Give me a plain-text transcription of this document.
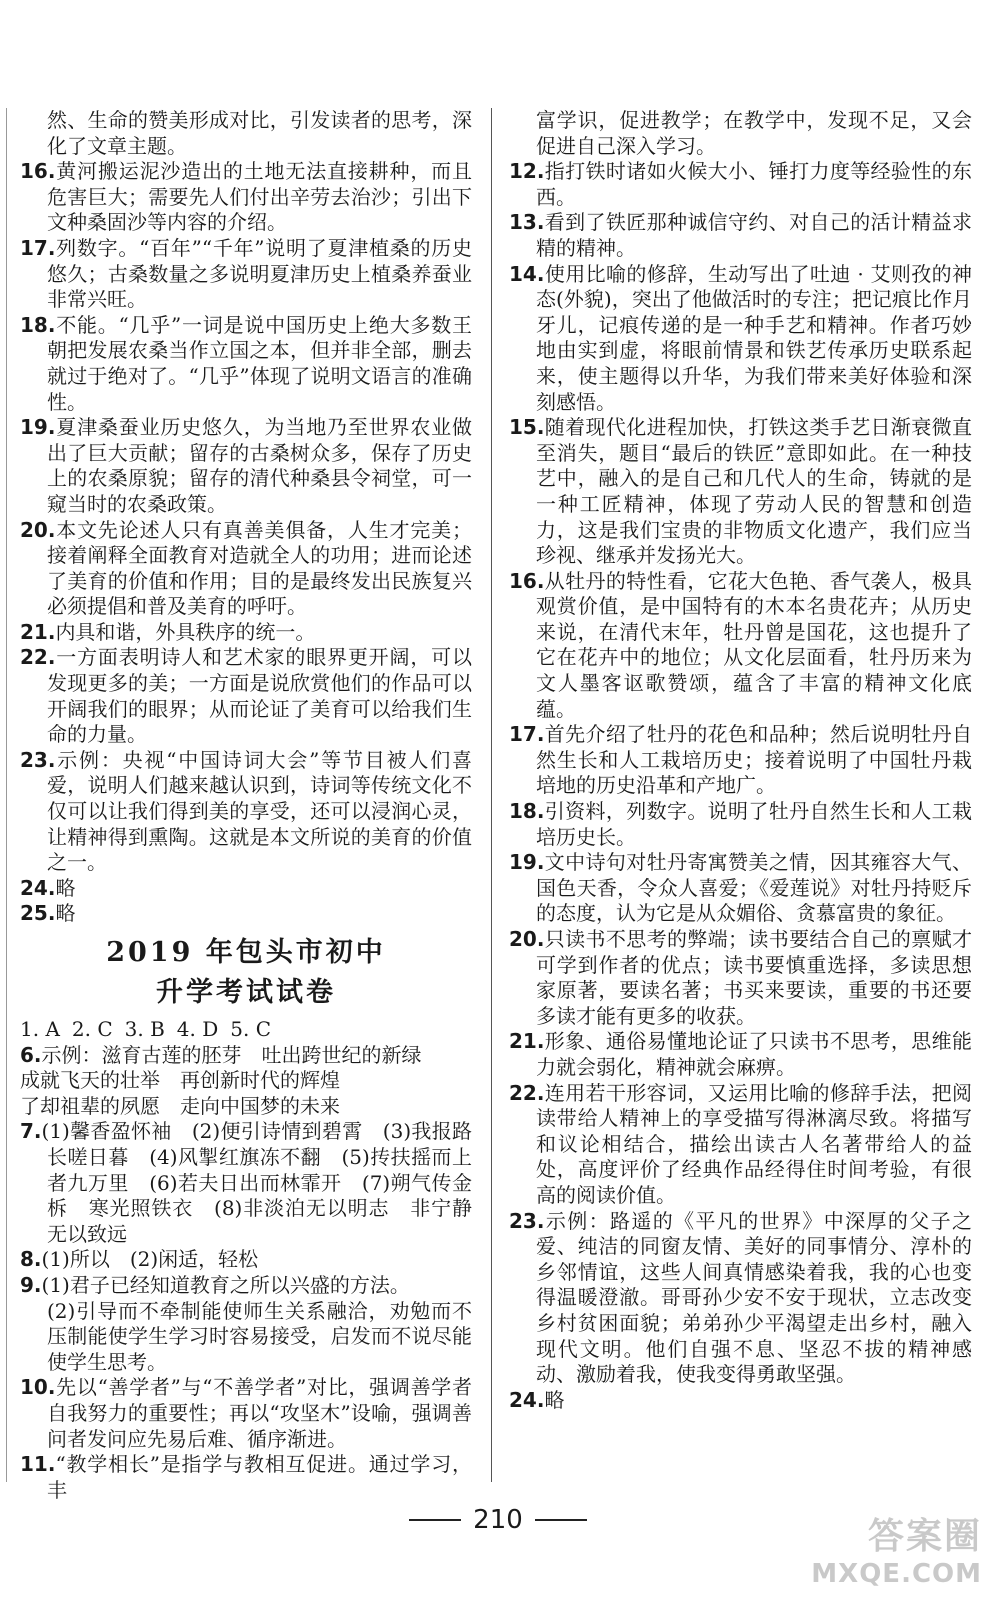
然、生命的赞美形成对比，引发读者的思考，深化了文章主题。
16.黄河搬运泥沙造出的土地无法直接耕种，而且危害巨大；需要先人们付出辛劳去治沙；引出下文种桑固沙等内容的介绍。
17.列数字。“百年”“千年”说明了夏津植桑的历史悠久；古桑数量之多说明夏津历史上植桑养蚕业非常兴旺。
18.不能。“几乎”一词是说中国历史上绝大多数王朝把发展农桑当作立国之本，但并非全部，删去就过于绝对了。“几乎”体现了说明文语言的准确性。
19.夏津桑蚕业历史悠久，为当地乃至世界农业做出了巨大贡献；留存的古桑树众多，保存了历史上的农桑原貌；留存的清代种桑县令祠堂，可一窥当时的农桑政策。
20.本文先论述人只有真善美俱备，人生才完美；接着阐释全面教育对造就全人的功用；进而论述了美育的价值和作用；目的是最终发出民族复兴必须提倡和普及美育的呼吁。
21.内具和谐，外具秩序的统一。
22.一方面表明诗人和艺术家的眼界更开阔，可以发现更多的美；一方面是说欣赏他们的作品可以开阔我们的眼界；从而论证了美育可以给我们生命的力量。
23.示例：央视“中国诗词大会”等节目被人们喜爱，说明人们越来越认识到，诗词等传统文化不仅可以让我们得到美的享受，还可以浸润心灵，让精神得到熏陶。这就是本文所说的美育的价值之一。
24.略
25.略
2019 年包头市初中
升学考试试卷
1. A 2. C 3. B 4. D 5. C
6.示例：滋育古莲的胚芽　吐出跨世纪的新绿
成就飞天的壮举　再创新时代的辉煌
了却祖辈的夙愿　走向中国梦的未来
7.(1)馨香盈怀袖　(2)便引诗情到碧霄　(3)我报路长嗟日暮　(4)风掣红旗冻不翻　(5)抟扶摇而上者九万里　(6)若夫日出而林霏开　(7)朔气传金柝　寒光照铁衣　(8)非淡泊无以明志　非宁静无以致远
8.(1)所以　(2)闲适，轻松
9.(1)君子已经知道教育之所以兴盛的方法。
(2)引导而不牵制能使师生关系融洽，劝勉而不压制能使学生学习时容易接受，启发而不说尽能使学生思考。
10.先以“善学者”与“不善学者”对比，强调善学者自我努力的重要性；再以“攻坚木”设喻，强调善问者发问应先易后难、循序渐进。
11.“教学相长”是指学与教相互促进。通过学习，丰
富学识，促进教学；在教学中，发现不足，又会促进自己深入学习。
12.指打铁时诸如火候大小、锤打力度等经验性的东西。
13.看到了铁匠那种诚信守约、对自己的活计精益求精的精神。
14.使用比喻的修辞，生动写出了吐迪 · 艾则孜的神态(外貌)，突出了他做活时的专注；把记痕比作月牙儿，记痕传递的是一种手艺和精神。作者巧妙地由实到虚，将眼前情景和铁艺传承历史联系起来，使主题得以升华，为我们带来美好体验和深刻感悟。
15.随着现代化进程加快，打铁这类手艺日渐衰微直至消失，题目“最后的铁匠”意即如此。在一种技艺中，融入的是自己和几代人的生命，铸就的是一种工匠精神，体现了劳动人民的智慧和创造力，这是我们宝贵的非物质文化遗产，我们应当珍视、继承并发扬光大。
16.从牡丹的特性看，它花大色艳、香气袭人，极具观赏价值，是中国特有的木本名贵花卉；从历史来说，在清代末年，牡丹曾是国花，这也提升了它在花卉中的地位；从文化层面看，牡丹历来为文人墨客讴歌赞颂，蕴含了丰富的精神文化底蕴。
17.首先介绍了牡丹的花色和品种；然后说明牡丹自然生长和人工栽培历史；接着说明了中国牡丹栽培地的历史沿革和产地广。
18.引资料，列数字。说明了牡丹自然生长和人工栽培历史长。
19.文中诗句对牡丹寄寓赞美之情，因其雍容大气、国色天香，令众人喜爱；《爱莲说》对牡丹持贬斥的态度，认为它是从众媚俗、贪慕富贵的象征。
20.只读书不思考的弊端；读书要结合自己的禀赋才可学到作者的优点；读书要慎重选择，多读思想家原著，要读名著；书买来要读，重要的书还要多读才能有更多的收获。
21.形象、通俗易懂地论证了只读书不思考，思维能力就会弱化，精神就会麻痹。
22.连用若干形容词，又运用比喻的修辞手法，把阅读带给人精神上的享受描写得淋漓尽致。将描写和议论相结合，描绘出读古人名著带给人的益处，高度评价了经典作品经得住时间考验，有很高的阅读价值。
23.示例：路遥的《平凡的世界》中深厚的父子之爱、纯洁的同窗友情、美好的同事情分、淳朴的乡邻情谊，这些人间真情感染着我，我的心也变得温暖澄澈。哥哥孙少安不安于现状，立志改变乡村贫困面貌；弟弟孙少平渴望走出乡村，融入现代文明。他们自强不息、坚忍不拔的精神感动、激励着我，使我变得勇敢坚强。
24.略
210	答案圈
MXQE.COM
